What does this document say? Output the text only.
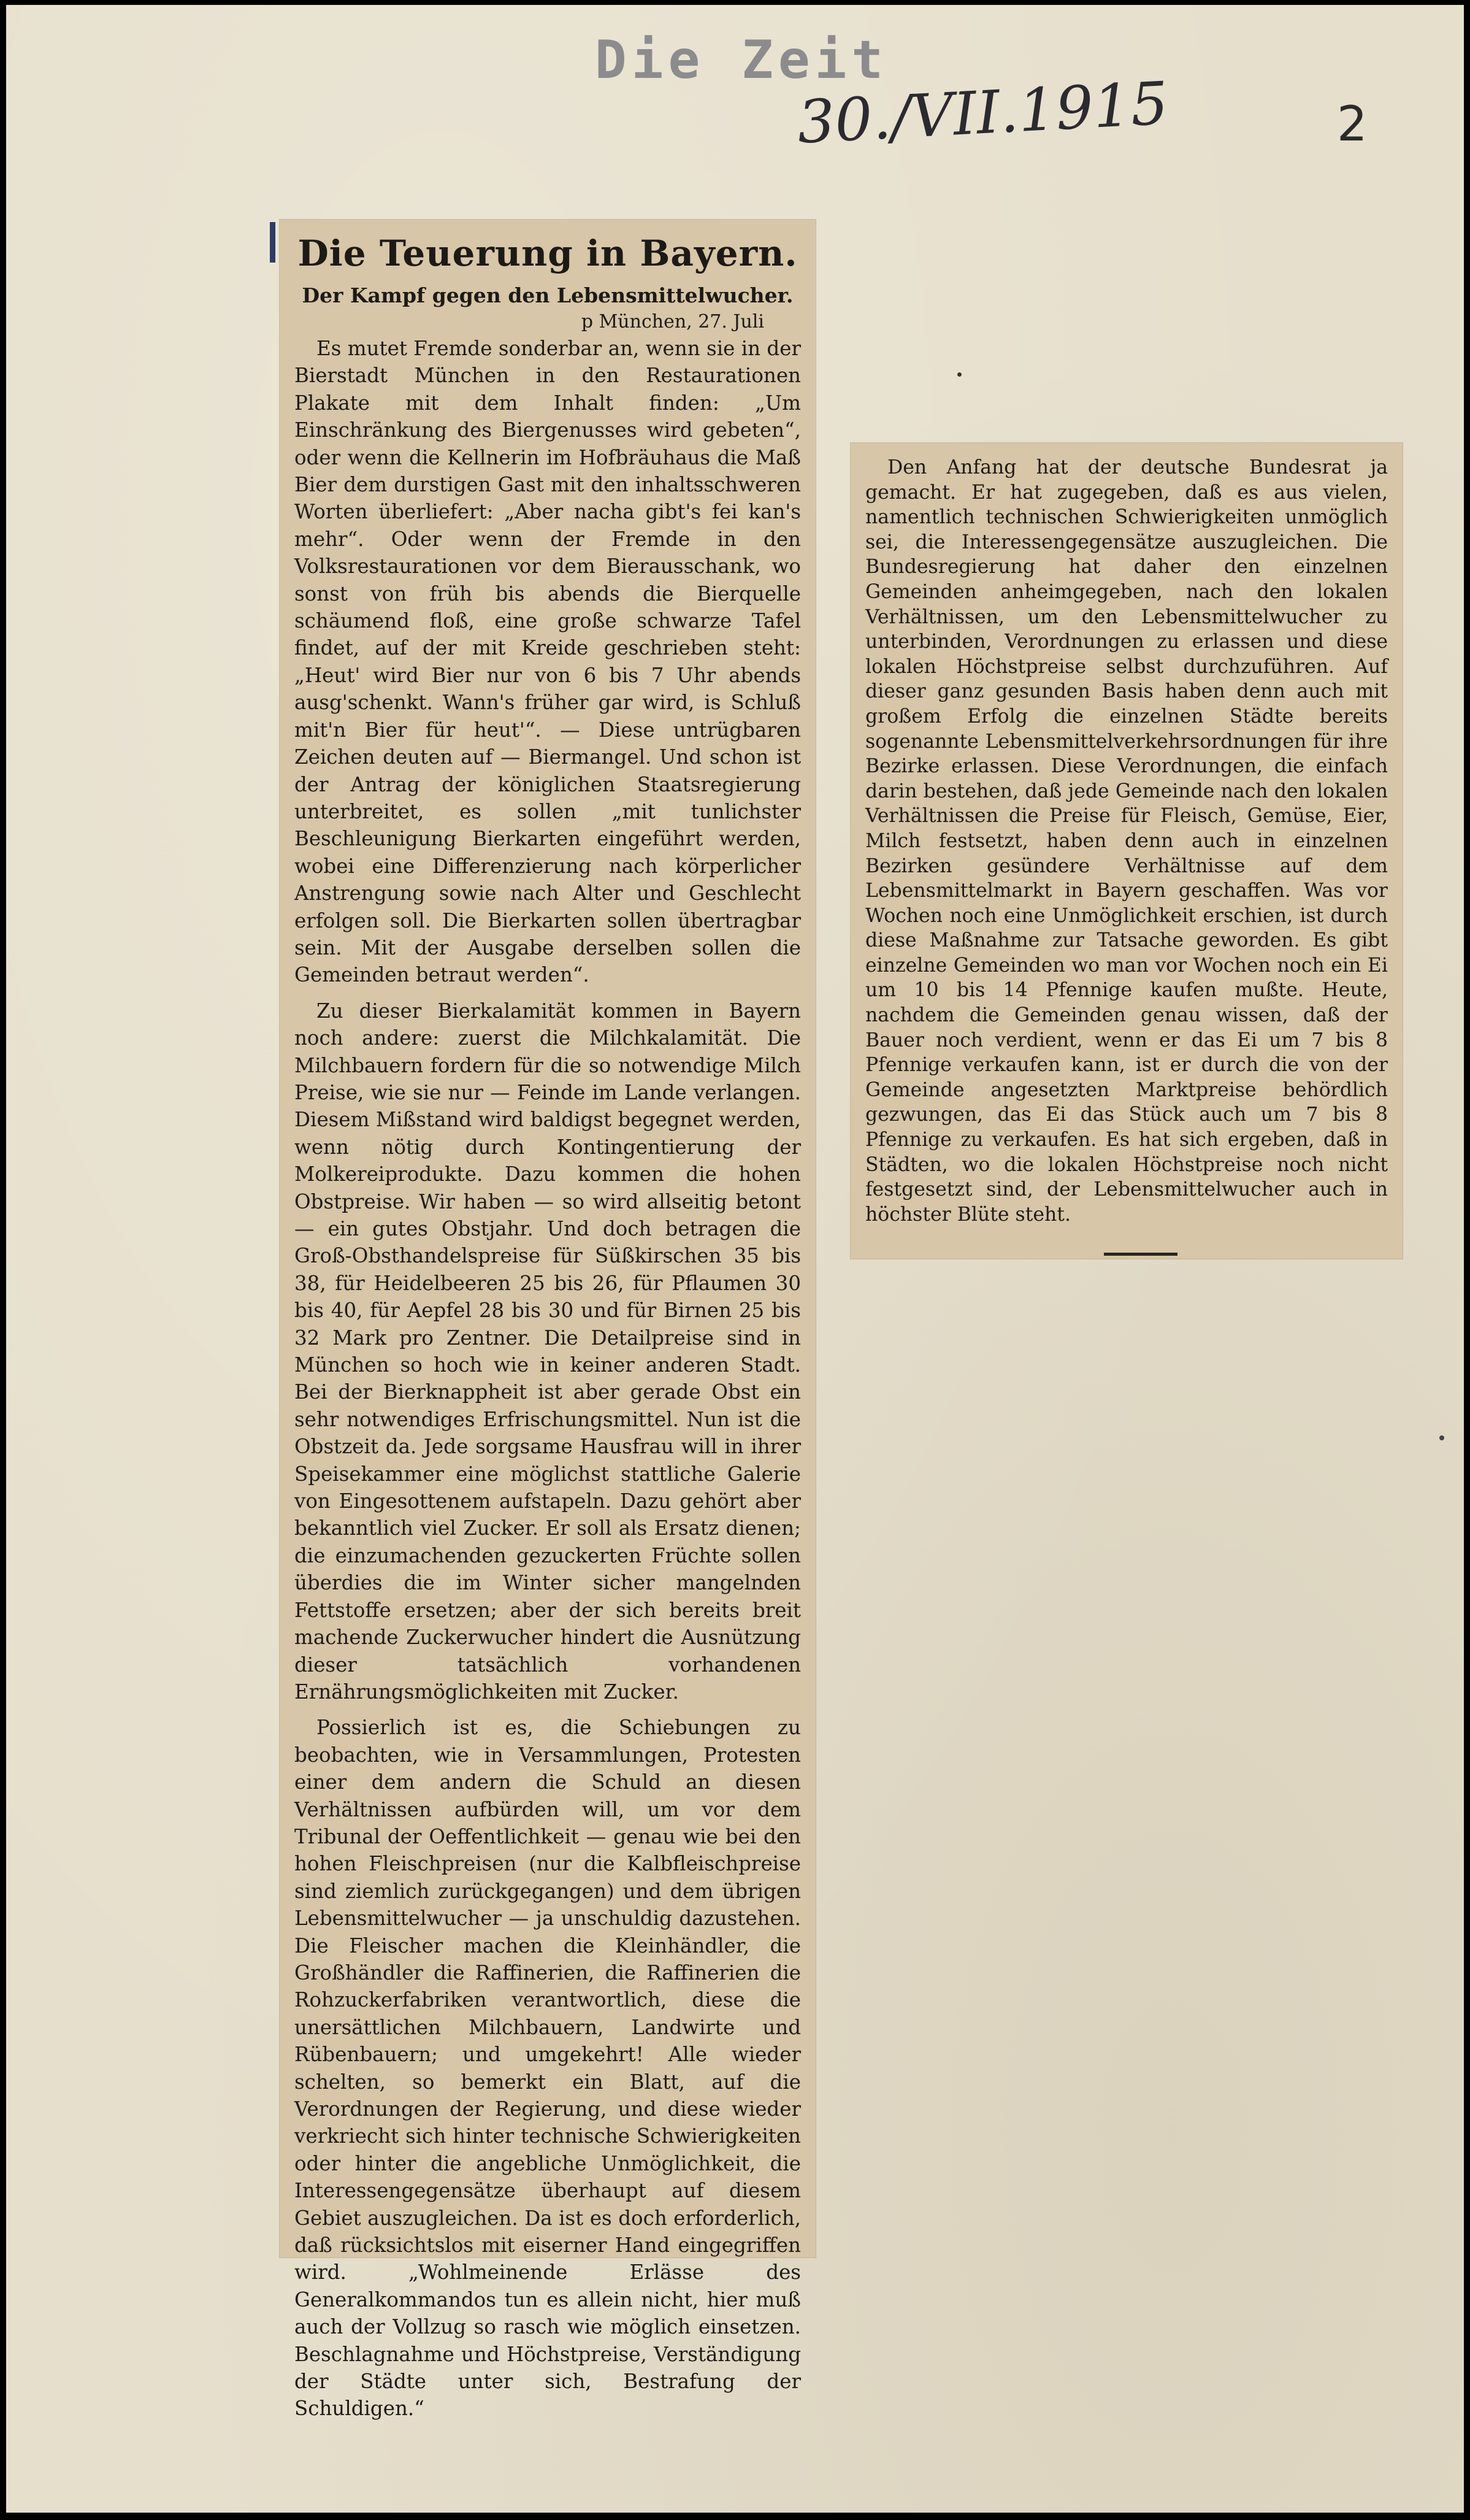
Die Zeit
30./VII.1915	2
Die Teuerung in Bayern.
Der Kampf gegen den Lebensmittelwucher.
p München, 27. Juli

Es mutet Fremde sonderbar an, wenn sie in der Bierstadt München in den Restaurationen Plakate mit dem Inhalt finden: „Um Einschränkung des Biergenusses wird gebeten“, oder wenn die Kellnerin im Hofbräuhaus die Maß Bier dem durstigen Gast mit den inhaltsschweren Worten überliefert: „Aber nacha gibt's fei kan's mehr“. Oder wenn der Fremde in den Volksrestaurationen vor dem Bierausschank, wo sonst von früh bis abends die Bierquelle schäumend floß, eine große schwarze Tafel findet, auf der mit Kreide geschrieben steht: „Heut' wird Bier nur von 6 bis 7 Uhr abends ausg'schenkt. Wann's früher gar wird, is Schluß mit'n Bier für heut'“. — Diese untrügbaren Zeichen deuten auf — Biermangel. Und schon ist der Antrag der königlichen Staatsregierung unterbreitet, es sollen „mit tunlichster Beschleunigung Bierkarten eingeführt werden, wobei eine Differenzierung nach körperlicher Anstrengung sowie nach Alter und Geschlecht erfolgen soll. Die Bierkarten sollen übertragbar sein. Mit der Ausgabe derselben sollen die Gemeinden betraut werden“.

Zu dieser Bierkalamität kommen in Bayern noch andere: zuerst die Milchkalamität. Die Milchbauern fordern für die so notwendige Milch Preise, wie sie nur — Feinde im Lande verlangen. Diesem Mißstand wird baldigst begegnet werden, wenn nötig durch Kontingentierung der Molkereiprodukte. Dazu kommen die hohen Obstpreise. Wir haben — so wird allseitig betont — ein gutes Obstjahr. Und doch betragen die Groß-Obsthandelspreise für Süßkirschen 35 bis 38, für Heidelbeeren 25 bis 26, für Pflaumen 30 bis 40, für Aepfel 28 bis 30 und für Birnen 25 bis 32 Mark pro Zentner. Die Detailpreise sind in München so hoch wie in keiner anderen Stadt. Bei der Bierknappheit ist aber gerade Obst ein sehr notwendiges Erfrischungsmittel. Nun ist die Obstzeit da. Jede sorgsame Hausfrau will in ihrer Speisekammer eine möglichst stattliche Galerie von Eingesottenem aufstapeln. Dazu gehört aber bekanntlich viel Zucker. Er soll als Ersatz dienen; die einzumachenden gezuckerten Früchte sollen überdies die im Winter sicher mangelnden Fettstoffe ersetzen; aber der sich bereits breit machende Zuckerwucher hindert die Ausnützung dieser tatsächlich vorhandenen Ernährungsmöglichkeiten mit Zucker.

Possierlich ist es, die Schiebungen zu beobachten, wie in Versammlungen, Protesten einer dem andern die Schuld an diesen Verhältnissen aufbürden will, um vor dem Tribunal der Oeffentlichkeit — genau wie bei den hohen Fleischpreisen (nur die Kalbfleischpreise sind ziemlich zurückgegangen) und dem übrigen Lebensmittelwucher — ja unschuldig dazustehen. Die Fleischer machen die Kleinhändler, die Großhändler die Raffinerien, die Raffinerien die Rohzuckerfabriken verantwortlich, diese die unersättlichen Milchbauern, Landwirte und Rübenbauern; und umgekehrt! Alle wieder schelten, so bemerkt ein Blatt, auf die Verordnungen der Regierung, und diese wieder verkriecht sich hinter technische Schwierigkeiten oder hinter die angebliche Unmöglichkeit, die Interessengegensätze überhaupt auf diesem Gebiet auszugleichen. Da ist es doch erforderlich, daß rücksichtslos mit eiserner Hand eingegriffen wird. „Wohlmeinende Erlässe des Generalkommandos tun es allein nicht, hier muß auch der Vollzug so rasch wie möglich einsetzen. Beschlagnahme und Höchstpreise, Verständigung der Städte unter sich, Bestrafung der Schuldigen.“

Den Anfang hat der deutsche Bundesrat ja gemacht. Er hat zugegeben, daß es aus vielen, namentlich technischen Schwierigkeiten unmöglich sei, die Interessengegensätze auszugleichen. Die Bundesregierung hat daher den einzelnen Gemeinden anheimgegeben, nach den lokalen Verhältnissen, um den Lebensmittelwucher zu unterbinden, Verordnungen zu erlassen und diese lokalen Höchstpreise selbst durchzuführen. Auf dieser ganz gesunden Basis haben denn auch mit großem Erfolg die einzelnen Städte bereits sogenannte Lebensmittelverkehrsordnungen für ihre Bezirke erlassen. Diese Verordnungen, die einfach darin bestehen, daß jede Gemeinde nach den lokalen Verhältnissen die Preise für Fleisch, Gemüse, Eier, Milch festsetzt, haben denn auch in einzelnen Bezirken gesündere Verhältnisse auf dem Lebensmittelmarkt in Bayern geschaffen. Was vor Wochen noch eine Unmöglichkeit erschien, ist durch diese Maßnahme zur Tatsache geworden. Es gibt einzelne Gemeinden wo man vor Wochen noch ein Ei um 10 bis 14 Pfennige kaufen mußte. Heute, nachdem die Gemeinden genau wissen, daß der Bauer noch verdient, wenn er das Ei um 7 bis 8 Pfennige verkaufen kann, ist er durch die von der Gemeinde angesetzten Marktpreise behördlich gezwungen, das Ei das Stück auch um 7 bis 8 Pfennige zu verkaufen. Es hat sich ergeben, daß in Städten, wo die lokalen Höchstpreise noch nicht festgesetzt sind, der Lebensmittelwucher auch in höchster Blüte steht.
